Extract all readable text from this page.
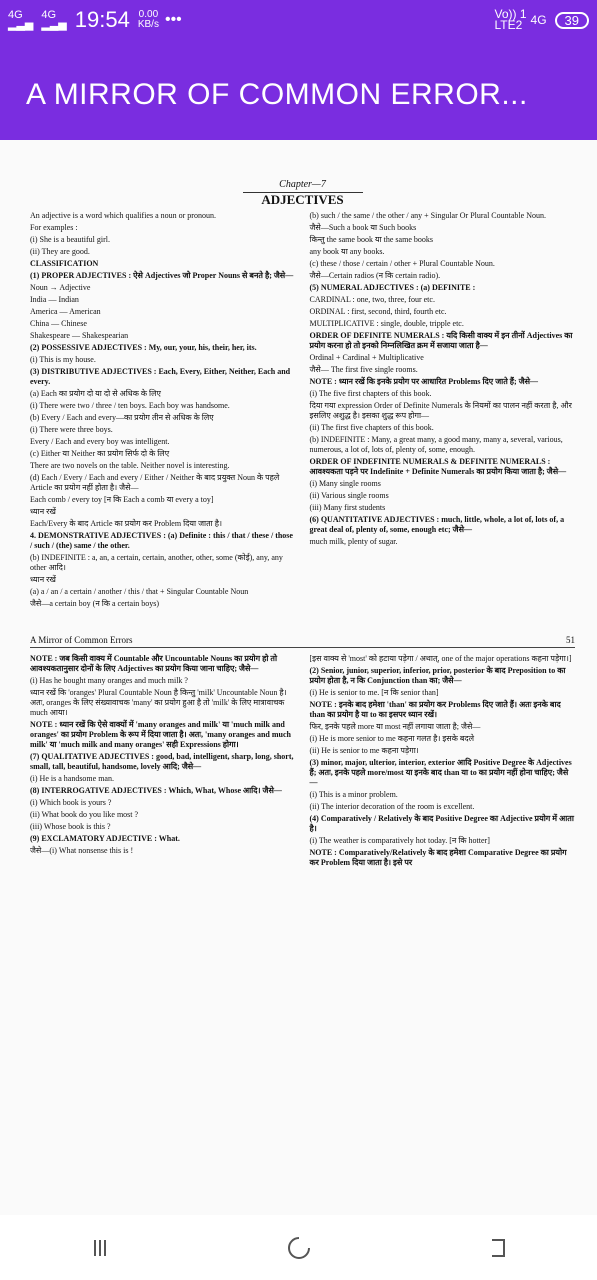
4G
▂▃▅
4G
▂▃▅ 19:54 0.00
KB/s •••	Vo)) 1
LTE2 4G	39
A MIRROR OF COMMON ERROR...
Chapter—7
ADJECTIVES

An adjective is a word which qualifies a noun or pronoun.

For examples :

(i) She is a beautiful girl.

(ii) They are good.

CLASSIFICATION

(1) PROPER ADJECTIVES : ऐसे Adjectives जो Proper Nouns से बनते है; जैसे—

Noun → Adjective

India — Indian

America — American

China — Chinese

Shakespeare — Shakespearian

(2) POSSESSIVE ADJECTIVES : My, our, your, his, their, her, its.

(i) This is my house.

(3) DISTRIBUTIVE ADJECTIVES : Each, Every, Either, Neither, Each and every.

(a) Each का प्रयोग दो या दो से अधिक के लिए

(i) There were two / three / ten boys. Each boy was handsome.

(b) Every / Each and every—का प्रयोग तीन से अधिक के लिए

(i) There were three boys.

Every / Each and every boy was intelligent.

(c) Either या Neither का प्रयोग सिर्फ दो के लिए

There are two novels on the table. Neither novel is interesting.

(d) Each / Every / Each and every / Either / Neither के बाद प्रयुक्त Noun के पहले Article का प्रयोग नहीं होता है। जैसे—

Each comb / every toy [न कि Each a comb या every a toy]

ध्यान रखें

Each/Every के बाद Article का प्रयोग कर Problem दिया जाता है।

4. DEMONSTRATIVE ADJECTIVES : (a) Definite : this / that / these / those / such / (the) same / the other.

(b) INDEFINITE : a, an, a certain, certain, another, other, some (कोई), any, any other आदि।

ध्यान रखें

(a) a / an / a certain / another / this / that + Singular Countable Noun

जैसे—a certain boy (न कि a certain boys)

(b) such / the same / the other / any + Singular Or Plural Countable Noun.

जैसे—Such a book या Such books

किन्तु the same book या the same books

any book या any books.

(c) these / those / certain / other + Plural Countable Noun.

जैसे—Certain radios (न कि certain radio).

(5) NUMERAL ADJECTIVES : (a) DEFINITE :

CARDINAL : one, two, three, four etc.

ORDINAL : first, second, third, fourth etc.

MULTIPLICATIVE : single, double, tripple etc.

ORDER OF DEFINITE NUMERALS : यदि किसी वाक्य में इन तीनों Adjectives का प्रयोग करना हो तो इनको निम्नलिखित क्रम में सजाया जाता है—

Ordinal + Cardinal + Multiplicative

जैसे— The first five single rooms.

NOTE : ध्यान रखें कि इनके प्रयोग पर आधारित Problems दिए जाते हैं; जैसे—

(i) The five first chapters of this book.

दिया गया expression Order of Definite Numerals के नियमों का पालन नहीं करता है, और इसलिए अशुद्ध है। इसका शुद्ध रूप होगा—

(ii) The first five chapters of this book.

(b) INDEFINITE : Many, a great many, a good many, many a, several, various, numerous, a lot of, lots of, plenty of, some, enough.

ORDER OF INDEFINITE NUMERALS & DEFINITE NUMERALS : आवश्यकता पड़ने पर Indefinite + Definite Numerals का प्रयोग किया जाता है; जैसे—

(i) Many single rooms

(ii) Various single rooms

(iii) Many first students

(6) QUANTITATIVE ADJECTIVES : much, little, whole, a lot of, lots of, a great deal of, plenty of, some, enough etc; जैसे—

much milk, plenty of sugar.

A Mirror of Common Errors	51

NOTE : जब किसी वाक्य में Countable और Uncountable Nouns का प्रयोग हो तो आवश्यकतानुसार दोनों के लिए Adjectives का प्रयोग किया जाना चाहिए; जैसे—

(i) Has he bought many oranges and much milk ?

ध्यान रखें कि 'oranges' Plural Countable Noun है किन्तु 'milk' Uncountable Noun है। अतः, oranges के लिए संख्यावाचक 'many' का प्रयोग हुआ है तो 'milk' के लिए मात्रावाचक much आया।

NOTE : ध्यान रखें कि ऐसे वाक्यों में 'many oranges and milk' या 'much milk and oranges' का प्रयोग Problem के रूप में दिया जाता है। अतः, 'many oranges and much milk' या 'much milk and many oranges' सही Expressions होगा।

(7) QUALITATIVE ADJECTIVES : good, bad, intelligent, sharp, long, short, small, tall, beautiful, handsome, lovely आदि; जैसे—

(i) He is a handsome man.

(8) INTERROGATIVE ADJECTIVES : Which, What, Whose आदि। जैसे—

(i) Which book is yours ?

(ii) What book do you like most ?

(iii) Whose book is this ?

(9) EXCLAMATORY ADJECTIVE : What.

जैसे—(i) What nonsense this is !

[इस वाक्य से 'most' को हटाया पड़ेगा / अथात्, one of the major operations कहना पड़ेगा।]

(2) Senior, junior, superior, inferior, prior, posterior के बाद Preposition to का प्रयोग होता है, न कि Conjunction than का; जैसे—

(i) He is senior to me. [न कि senior than]

NOTE : इनके बाद हमेशा 'than' का प्रयोग कर Problems दिए जाते हैं। अतः इनके बाद than का प्रयोग है या to का इसपर ध्यान रखें।

फिर, इनके पहले more या most नहीं लगाया जाता है; जैसे—

(i) He is more senior to me कहना गलत है। इसके बदले

(ii) He is senior to me कहना पड़ेगा।

(3) minor, major, ulterior, interior, exterior आदि Positive Degree के Adjectives हैं; अतः, इनके पहले more/most या इनके बाद than या to का प्रयोग नहीं होना चाहिए; जैसे—

(i) This is a minor problem.

(ii) The interior decoration of the room is excellent.

(4) Comparatively / Relatively के बाद Positive Degree का Adjective प्रयोग में आता है।

(i) The weather is comparatively hot today. [न कि hotter]

NOTE : Comparatively/Relatively के बाद हमेशा Comparative Degree का प्रयोग कर Problem दिया जाता है। इसे पर
